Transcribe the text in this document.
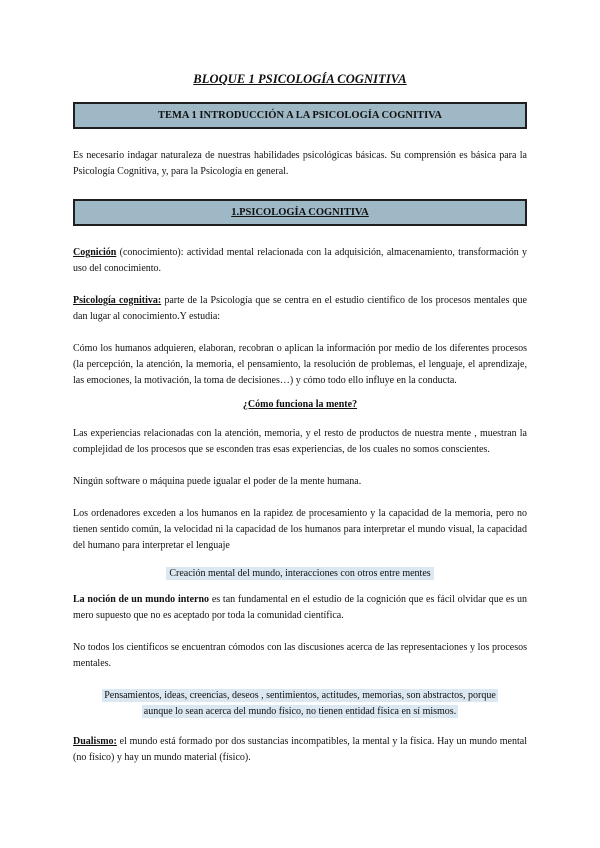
BLOQUE 1 PSICOLOGÍA COGNITIVA
TEMA 1 INTRODUCCIÓN A LA PSICOLOGÍA COGNITIVA

Es necesario indagar naturaleza de nuestras habilidades psicológicas básicas. Su comprensión es básica para la Psicología Cognitiva, y, para la Psicología en general.

1.PSICOLOGÍA COGNITIVA

Cognición (conocimiento): actividad mental relacionada con la adquisición, almacenamiento, transformación y uso del conocimiento.

Psicología cognitiva: parte de la Psicología que se centra en el estudio científico de los procesos mentales que dan lugar al conocimiento.Y estudia:

Cómo los humanos adquieren, elaboran, recobran o aplican la información por medio de los diferentes procesos (la percepción, la atención, la memoria, el pensamiento, la resolución de problemas, el lenguaje, el aprendizaje, las emociones, la motivación, la toma de decisiones…) y cómo todo ello influye en la conducta.

¿Cómo funciona la mente?

Las experiencias relacionadas con la atención, memoria, y el resto de productos de nuestra mente , muestran la complejidad de los procesos que se esconden tras esas experiencias, de los cuales no somos conscientes.

Ningún software o máquina puede igualar el poder de la mente humana.

Los ordenadores exceden a los humanos en la rapidez de procesamiento y la capacidad de la memoria, pero no tienen sentido común, la velocidad ni la capacidad de los humanos para interpretar el mundo visual, la capacidad del humano para interpretar el lenguaje

Creación mental del mundo, interacciones con otros entre mentes

La noción de un mundo interno es tan fundamental en el estudio de la cognición que es fácil olvidar que es un mero supuesto que no es aceptado por toda la comunidad científica.

No todos los científicos se encuentran cómodos con las discusiones acerca de las representaciones y los procesos mentales.

Pensamientos, ideas, creencias, deseos , sentimientos, actitudes, memorias, son abstractos, porque
aunque lo sean acerca del mundo físico, no tienen entidad física en sí mismos.

Dualismo: el mundo está formado por dos sustancias incompatibles, la mental y la física. Hay un mundo mental (no físico) y hay un mundo material (físico).
